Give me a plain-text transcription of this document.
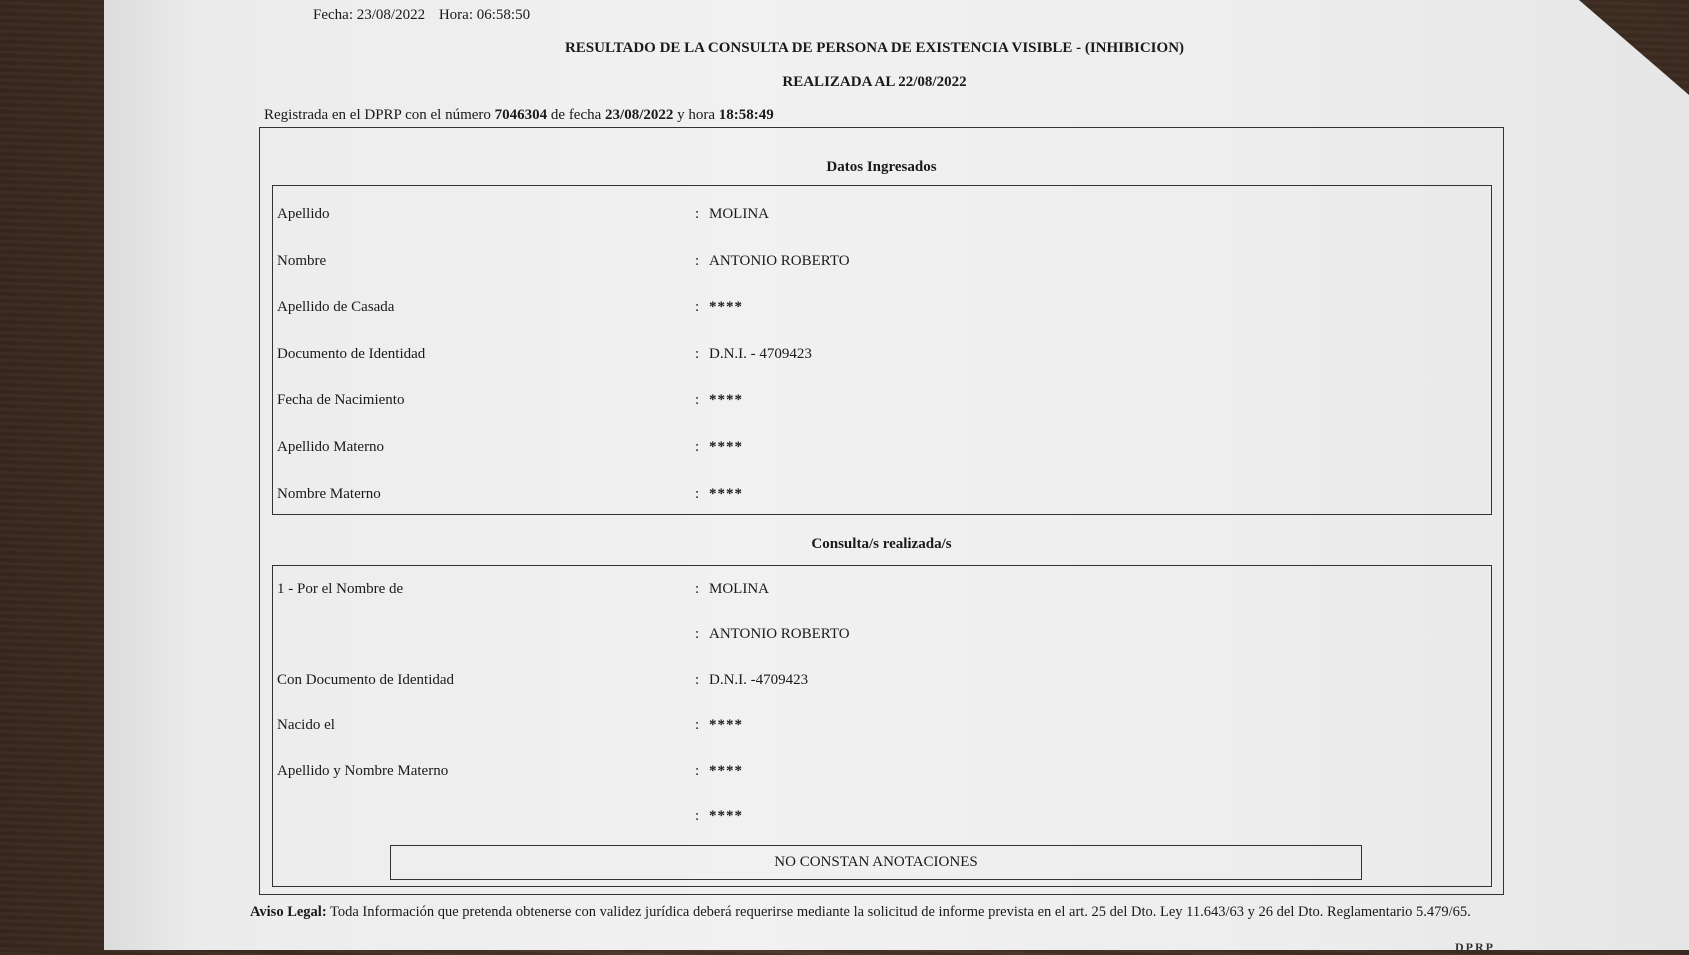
Fecha: 23/08/2022 Hora: 06:58:50
RESULTADO DE LA CONSULTA DE PERSONA DE EXISTENCIA VISIBLE - (INHIBICION)
REALIZADA AL 22/08/2022
Registrada en el DPRP con el número 7046304 de fecha 23/08/2022 y hora 18:58:49
Datos Ingresados
Apellido	: MOLINA
Nombre	: ANTONIO ROBERTO
Apellido de Casada	: ****
Documento de Identidad	: D.N.I. - 4709423
Fecha de Nacimiento	: ****
Apellido Materno	: ****
Nombre Materno	: ****
Consulta/s realizada/s
1 - Por el Nombre de	: MOLINA
: ANTONIO ROBERTO
Con Documento de Identidad	: D.N.I. -4709423
Nacido el	: ****
Apellido y Nombre Materno	: ****
: ****
NO CONSTAN ANOTACIONES
Aviso Legal: Toda Información que pretenda obtenerse con validez jurídica deberá requerirse mediante la solicitud de informe prevista en el art. 25 del Dto. Ley 11.643/63 y 26 del Dto. Reglamentario 5.479/65.
DPRP
